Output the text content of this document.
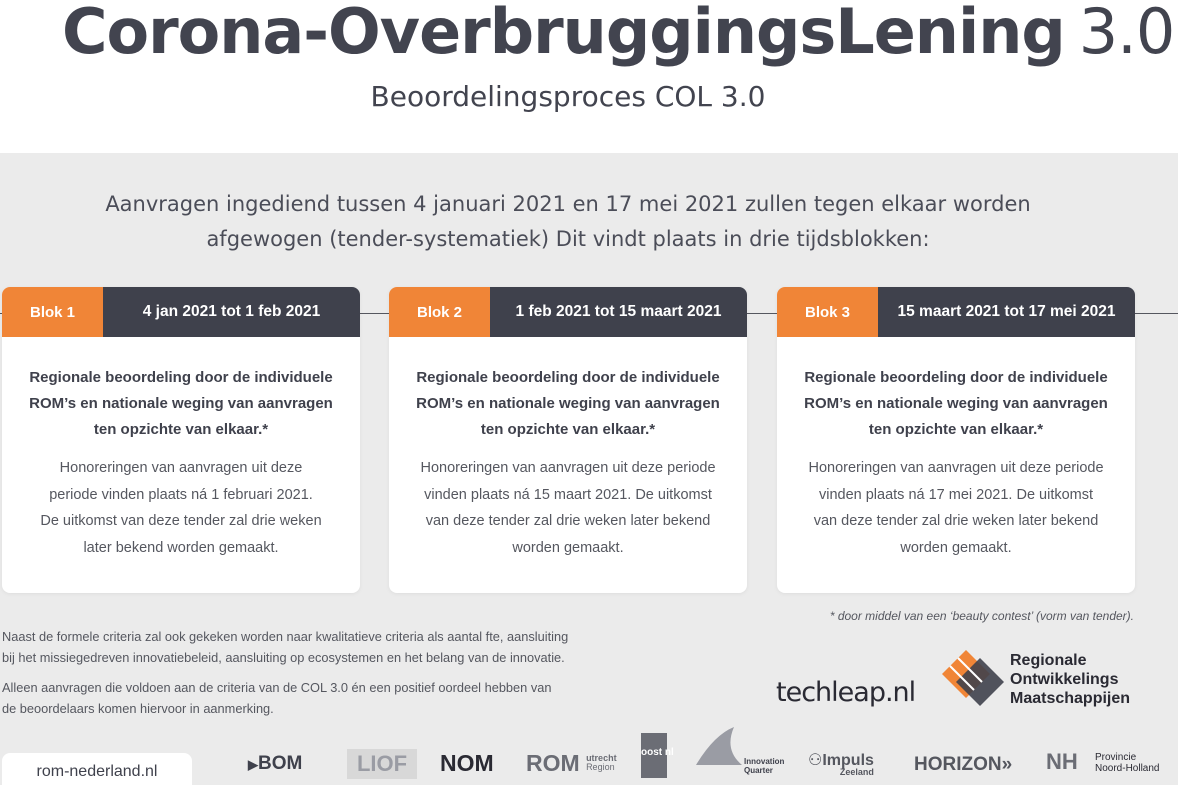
Corona-OverbruggingsLening 3.0
Beoordelingsproces COL 3.0
Aanvragen ingediend tussen 4 januari 2021 en 17 mei 2021 zullen tegen elkaar worden
afgewogen (tender-systematiek) Dit vindt plaats in drie tijdsblokken:
Blok 1	4 jan 2021 tot 1 feb 2021
Regionale beoordeling door de individuele
ROM’s en nationale weging van aanvragen
ten opzichte van elkaar.*
Honoreringen van aanvragen uit deze
periode vinden plaats ná 1 februari 2021.
De uitkomst van deze tender zal drie weken
later bekend worden gemaakt.
Blok 2	1 feb 2021 tot 15 maart 2021
Regionale beoordeling door de individuele
ROM’s en nationale weging van aanvragen
ten opzichte van elkaar.*
Honoreringen van aanvragen uit deze periode
vinden plaats ná 15 maart 2021. De uitkomst
van deze tender zal drie weken later bekend
worden gemaakt.
Blok 3	15 maart 2021 tot 17 mei 2021
Regionale beoordeling door de individuele
ROM’s en nationale weging van aanvragen
ten opzichte van elkaar.*
Honoreringen van aanvragen uit deze periode
vinden plaats ná 17 mei 2021. De uitkomst
van deze tender zal drie weken later bekend
worden gemaakt.
* door middel van een ‘beauty contest’ (vorm van tender).
Naast de formele criteria zal ook gekeken worden naar kwalitatieve criteria als aantal fte, aansluiting
bij het missiegedreven innovatiebeleid, aansluiting op ecosystemen en het belang van de innovatie.
Alleen aanvragen die voldoen aan de criteria van de COL 3.0 én een positief oordeel hebben van
de beoordelaars komen hiervoor in aanmerking.
rom-nederland.nl
techleap.nl
Regionale
Ontwikkelings
Maatschappijen
▶BOM	LIOF	NOM ROM utrecht
Region
oost nl
Innovation
Quarter
⚇Impuls
Zeeland HORIZON» NH Provincie
Noord-Holland
